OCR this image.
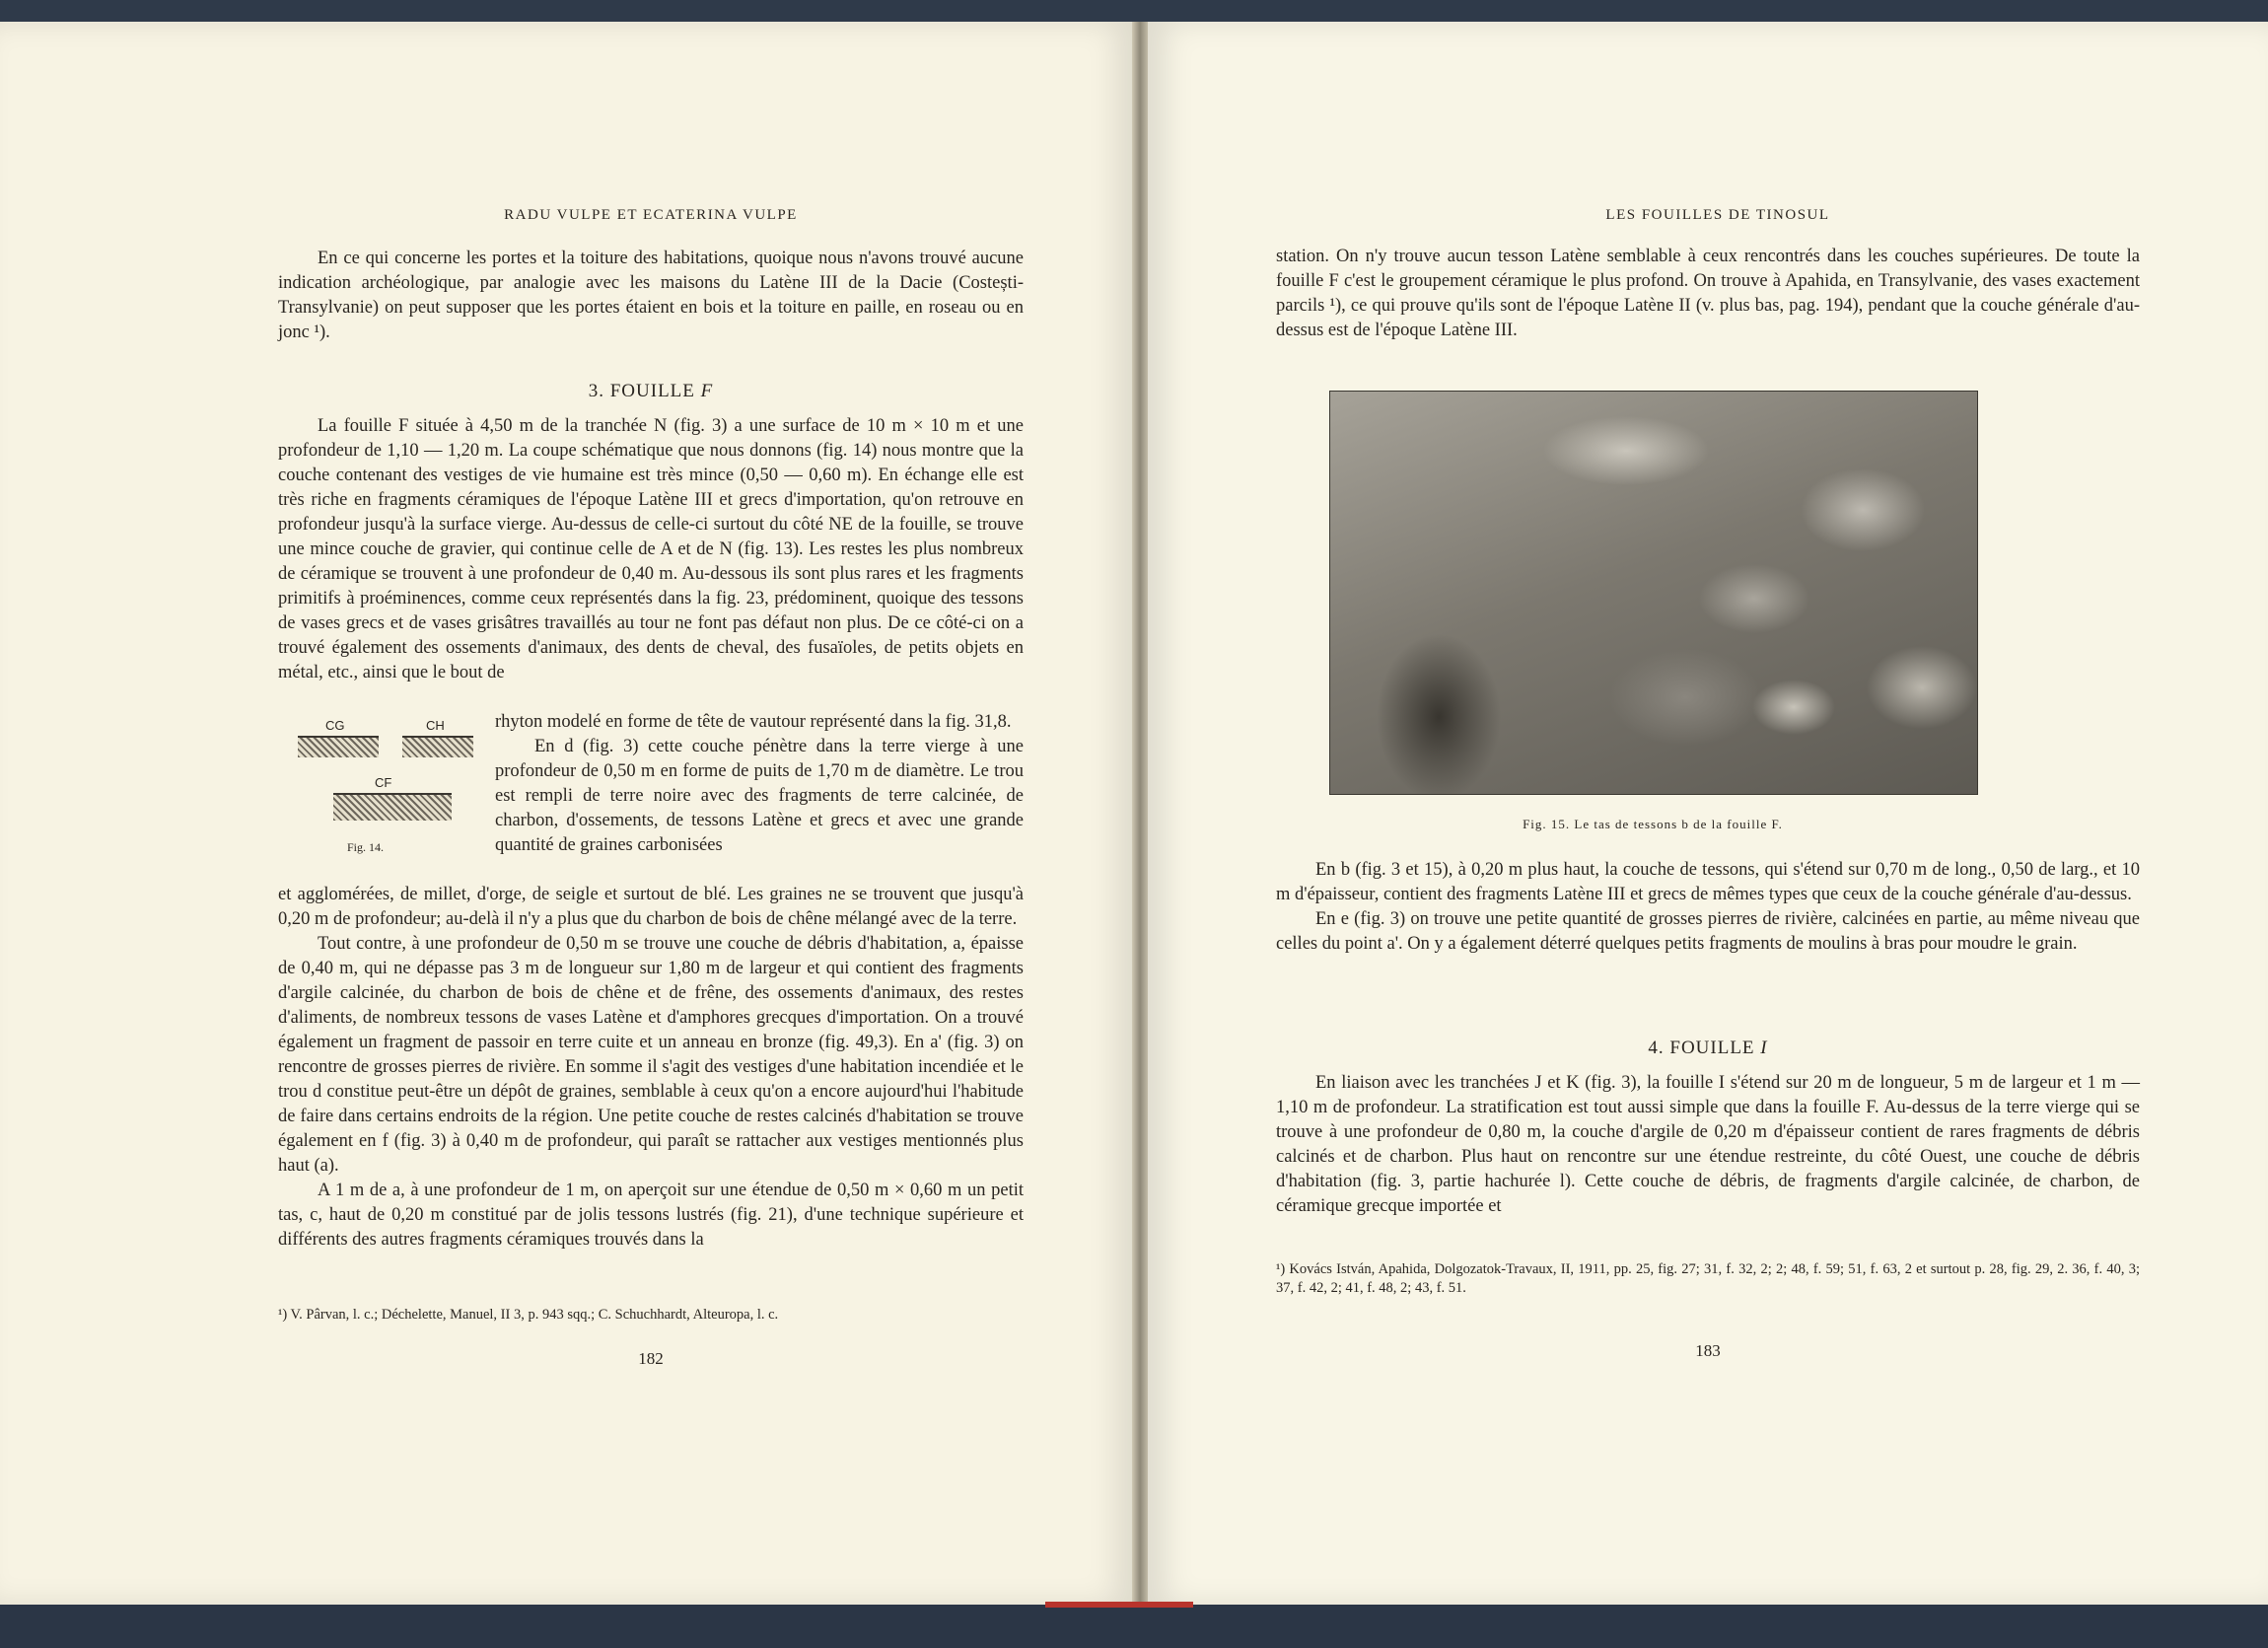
RADU VULPE ET ECATERINA VULPE

En ce qui concerne les portes et la toiture des habitations, quoique nous n'avons trouvé aucune indication archéologique, par analogie avec les maisons du Latène III de la Dacie (Costești-Transylvanie) on peut supposer que les portes étaient en bois et la toiture en paille, en roseau ou en jonc ¹).

3. FOUILLE F

La fouille F située à 4,50 m de la tranchée N (fig. 3) a une surface de 10 m × 10 m et une profondeur de 1,10 — 1,20 m. La coupe schématique que nous donnons (fig. 14) nous montre que la couche contenant des vestiges de vie humaine est très mince (0,50 — 0,60 m). En échange elle est très riche en fragments céramiques de l'époque Latène III et grecs d'importation, qu'on retrouve en profondeur jusqu'à la surface vierge. Au-dessus de celle-ci surtout du côté NE de la fouille, se trouve une mince couche de gravier, qui continue celle de A et de N (fig. 13). Les restes les plus nombreux de céramique se trouvent à une profondeur de 0,40 m. Au-dessous ils sont plus rares et les fragments primitifs à proéminences, comme ceux représentés dans la fig. 23, prédominent, quoique des tessons de vases grecs et de vases grisâtres travaillés au tour ne font pas défaut non plus. De ce côté-ci on a trouvé également des ossements d'animaux, des dents de cheval, des fusaïoles, de petits objets en métal, etc., ainsi que le bout de

CG	CH
CF
Fig. 14.

rhyton modelé en forme de tête de vautour représenté dans la fig. 31,8.

En d (fig. 3) cette couche pénètre dans la terre vierge à une profondeur de 0,50 m en forme de puits de 1,70 m de diamètre. Le trou est rempli de terre noire avec des fragments de terre calcinée, de charbon, d'ossements, de tessons Latène et grecs et avec une grande quantité de graines carbonisées

et agglomérées, de millet, d'orge, de seigle et surtout de blé. Les graines ne se trouvent que jusqu'à 0,20 m de profondeur; au-delà il n'y a plus que du charbon de bois de chêne mélangé avec de la terre.

Tout contre, à une profondeur de 0,50 m se trouve une couche de débris d'habitation, a, épaisse de 0,40 m, qui ne dépasse pas 3 m de longueur sur 1,80 m de largeur et qui contient des fragments d'argile calcinée, du charbon de bois de chêne et de frêne, des ossements d'animaux, des restes d'aliments, de nombreux tessons de vases Latène et d'amphores grecques d'importation. On a trouvé également un fragment de passoir en terre cuite et un anneau en bronze (fig. 49,3). En a' (fig. 3) on rencontre de grosses pierres de rivière. En somme il s'agit des vestiges d'une habitation incendiée et le trou d constitue peut-être un dépôt de graines, semblable à ceux qu'on a encore aujourd'hui l'habitude de faire dans certains endroits de la région. Une petite couche de restes calcinés d'habitation se trouve également en f (fig. 3) à 0,40 m de profondeur, qui paraît se rattacher aux vestiges mentionnés plus haut (a).

A 1 m de a, à une profondeur de 1 m, on aperçoit sur une étendue de 0,50 m × 0,60 m un petit tas, c, haut de 0,20 m constitué par de jolis tessons lustrés (fig. 21), d'une technique supérieure et différents des autres fragments céramiques trouvés dans la

¹) V. Pârvan, l. c.; Déchelette, Manuel, II 3, p. 943 sqq.; C. Schuchhardt, Alteuropa, l. c.
182
LES FOUILLES DE TINOSUL

station. On n'y trouve aucun tesson Latène semblable à ceux rencontrés dans les couches supérieures. De toute la fouille F c'est le groupement céramique le plus profond. On trouve à Apahida, en Transylvanie, des vases exactement parcils ¹), ce qui prouve qu'ils sont de l'époque Latène II (v. plus bas, pag. 194), pendant que la couche générale d'au-dessus est de l'époque Latène III.

Fig. 15. Le tas de tessons b de la fouille F.

En b (fig. 3 et 15), à 0,20 m plus haut, la couche de tessons, qui s'étend sur 0,70 m de long., 0,50 de larg., et 10 m d'épaisseur, contient des fragments Latène III et grecs de mêmes types que ceux de la couche générale d'au-dessus.

En e (fig. 3) on trouve une petite quantité de grosses pierres de rivière, calcinées en partie, au même niveau que celles du point a'. On y a également déterré quelques petits fragments de moulins à bras pour moudre le grain.

4. FOUILLE I

En liaison avec les tranchées J et K (fig. 3), la fouille I s'étend sur 20 m de longueur, 5 m de largeur et 1 m — 1,10 m de profondeur. La stratification est tout aussi simple que dans la fouille F. Au-dessus de la terre vierge qui se trouve à une profondeur de 0,80 m, la couche d'argile de 0,20 m d'épaisseur contient de rares fragments de débris calcinés et de charbon. Plus haut on rencontre sur une étendue restreinte, du côté Ouest, une couche de débris d'habitation (fig. 3, partie hachurée l). Cette couche de débris, de fragments d'argile calcinée, de charbon, de céramique grecque importée et

¹) Kovács István, Apahida, Dolgozatok-Travaux, II, 1911, pp. 25, fig. 27; 31, f. 32, 2; 2; 48, f. 59; 51, f. 63, 2 et surtout p. 28, fig. 29, 2. 36, f. 40, 3; 37, f. 42, 2; 41, f. 48, 2; 43, f. 51.
183
